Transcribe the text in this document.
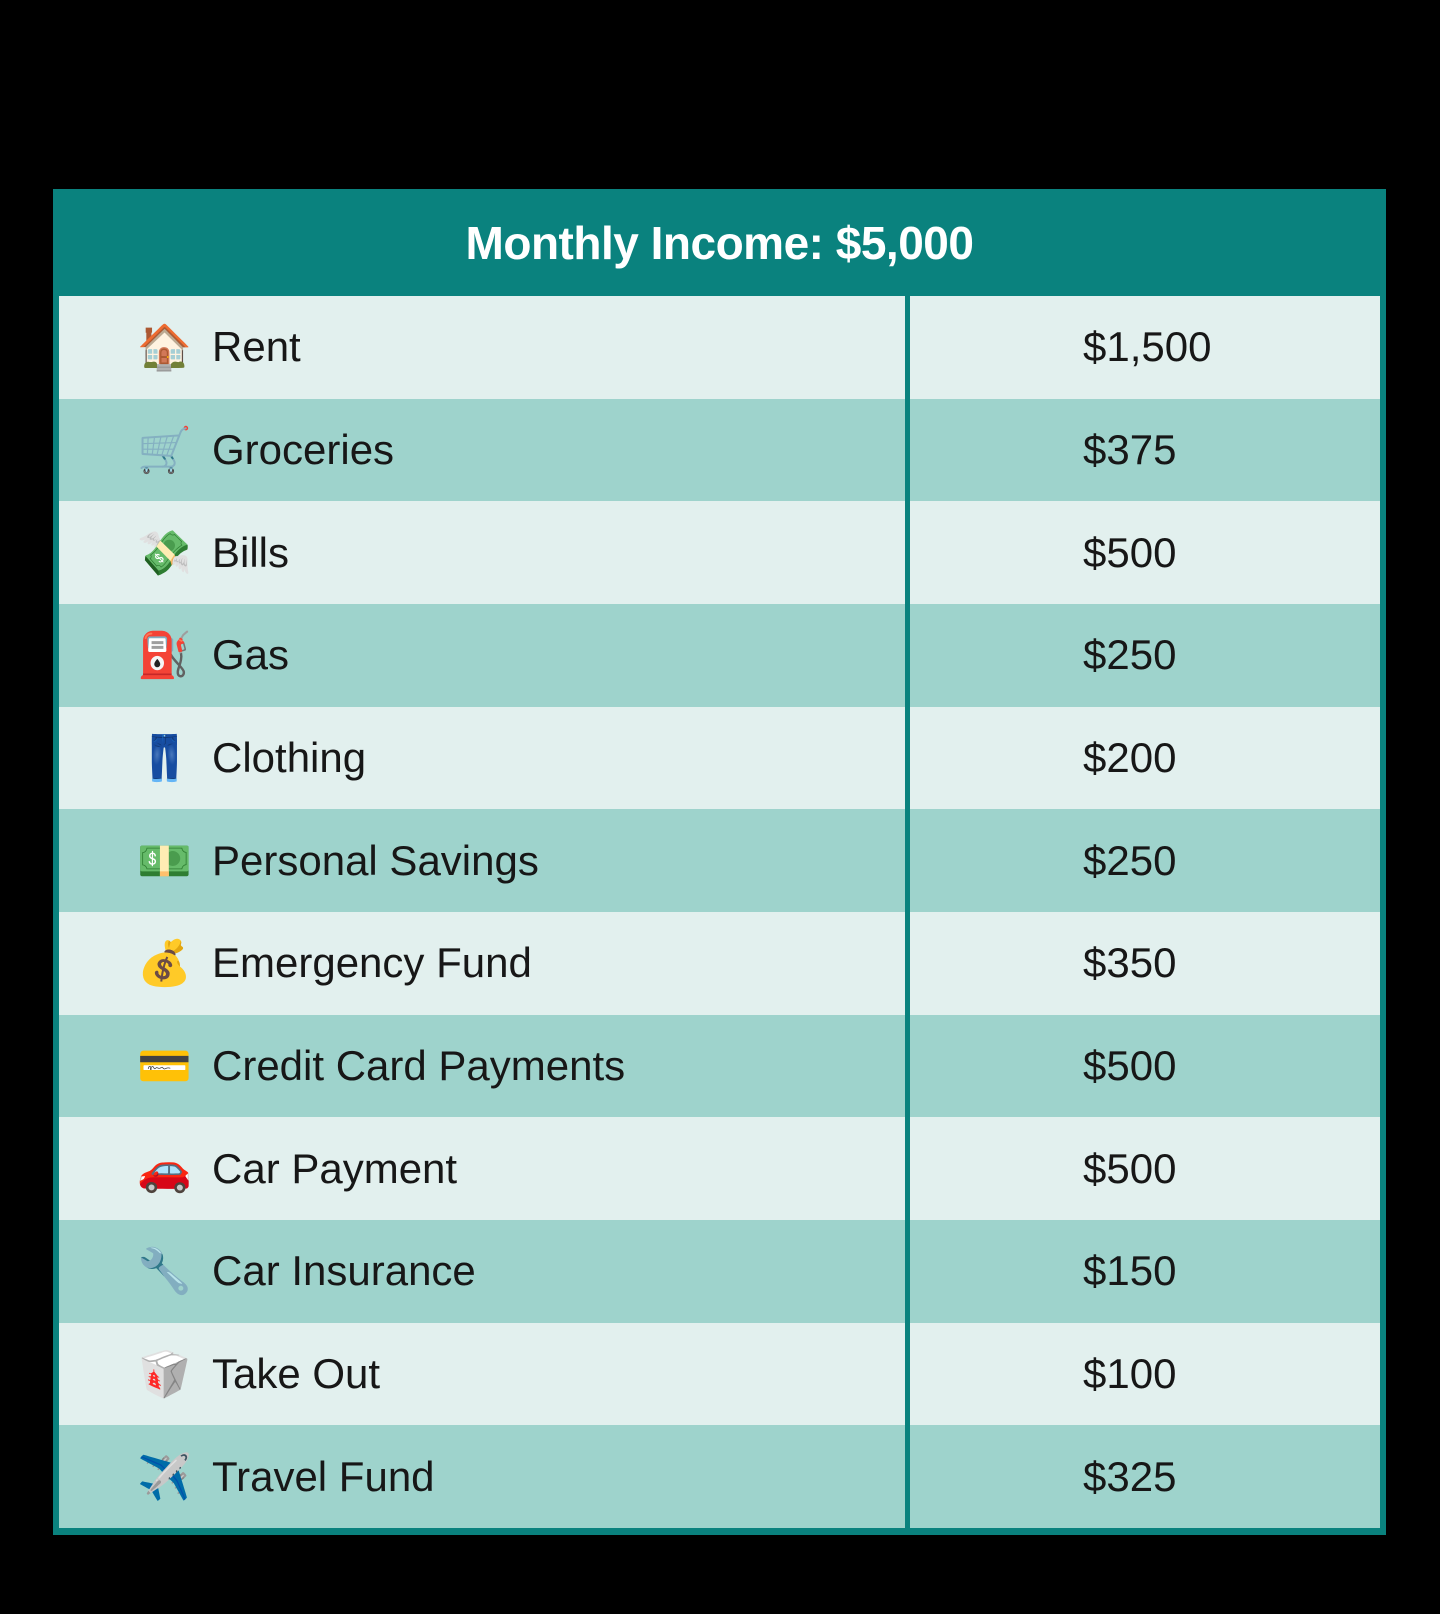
Monthly Income: $5,000
🏠 Rent	$1,500
🛒 Groceries	$375
💸 Bills	$500
⛽ Gas	$250
👖 Clothing	$200
💵 Personal Savings	$250
💰 Emergency Fund	$350
💳 Credit Card Payments	$500
🚗 Car Payment	$500
🔧 Car Insurance	$150
🥡 Take Out	$100
✈️ Travel Fund	$325
